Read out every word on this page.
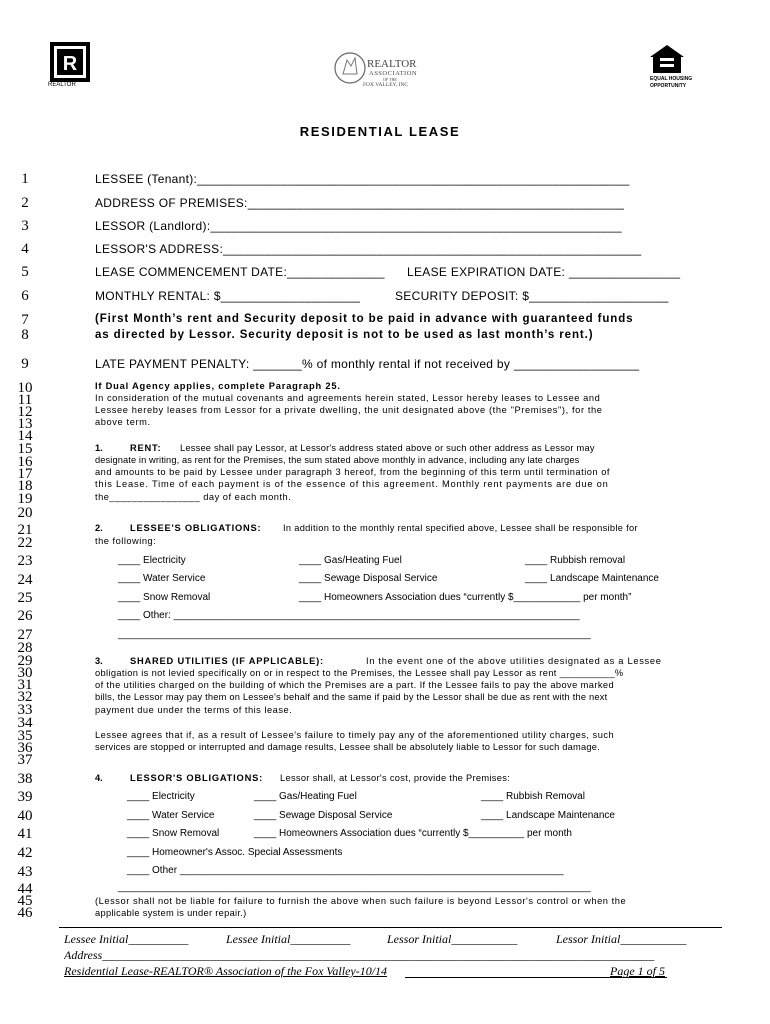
R
REALTOR
REALTOR
ASSOCIATION
OF THE
FOX VALLEY, INC
EQUAL HOUSING
OPPORTUNITY
RESIDENTIAL LEASE
1
2
3
4
5
6
7
8
9
10
11
12
13
14
15
16
17
18
19
20
21
22
23
24
25
26
27
28
29
30
31
32
33
34
35
36
37
38
39
40
41
42
43
44
45
46
LESSEE (Tenant):______________________________________________________________
ADDRESS OF PREMISES:______________________________________________________
LESSOR (Landlord):___________________________________________________________
LESSOR'S ADDRESS:____________________________________________________________
LEASE COMMENCEMENT DATE:______________ LEASE EXPIRATION DATE: ________________
MONTHLY RENTAL: $____________________	SECURITY DEPOSIT: $____________________
(First Month’s rent and Security deposit to be paid in advance with guaranteed funds
as directed by Lessor. Security deposit is not to be used as last month’s rent.)
LATE PAYMENT PENALTY: _______% of monthly rental if not received by __________________
If Dual Agency applies, complete Paragraph 25.
In consideration of the mutual covenants and agreements herein stated, Lessor hereby leases to Lessee and
Lessee hereby leases from Lessor for a private dwelling, the unit designated above (the "Premises"), for the
above term.
1.	RENT: Lessee shall pay Lessor, at Lessor's address stated above or such other address as Lessor may
designate in writing, as rent for the Premises, the sum stated above monthly in advance, including any late charges
and amounts to be paid by Lessee under paragraph 3 hereof, from the beginning of this term until termination of
this Lease. Time of each payment is of the essence of this agreement. Monthly rent payments are due on
the________________ day of each month.
2.	LESSEE'S OBLIGATIONS: In addition to the monthly rental specified above, Lessee shall be responsible for
the following:
____ Electricity	____ Gas/Heating Fuel	____ Rubbish removal
____ Water Service	____ Sewage Disposal Service	____ Landscape Maintenance
____ Snow Removal	____ Homeowners Association dues “currently $____________ per month”
____ Other: _________________________________________________________________________
_____________________________________________________________________________________
3.	SHARED UTILITIES (IF APPLICABLE):	In the event one of the above utilities designated as a Lessee
obligation is not levied specifically on or in respect to the Premises, the Lessee shall pay Lessor as rent __________%
of the utilities charged on the building of which the Premises are a part. If the Lessee fails to pay the above marked
bills, the Lessor may pay them on Lessee's behalf and the same if paid by the Lessor shall be due as rent with the next
payment due under the terms of this lease.
Lessee agrees that if, as a result of Lessee's failure to timely pay any of the aforementioned utility charges, such
services are stopped or interrupted and damage results, Lessee shall be absolutely liable to Lessor for such damage.
4.	LESSOR'S OBLIGATIONS: Lessor shall, at Lessor's cost, provide the Premises:
____ Electricity	____ Gas/Heating Fuel	____ Rubbish Removal
____ Water Service	____ Sewage Disposal Service	____ Landscape Maintenance
____ Snow Removal	____ Homeowners Association dues “currently $__________ per month
____ Homeowner's Assoc. Special Assessments
____ Other _____________________________________________________________________
_____________________________________________________________________________________
(Lessor shall not be liable for failure to furnish the above when such failure is beyond Lessor's control or when the
applicable system is under repair.)
Lessee Initial__________	Lessee Initial__________	Lessor Initial___________	Lessor Initial___________
Address____________________________________________________________________________________________
Residential Lease-REALTOR® Association of the Fox Valley-10/14	Page 1 of 5
